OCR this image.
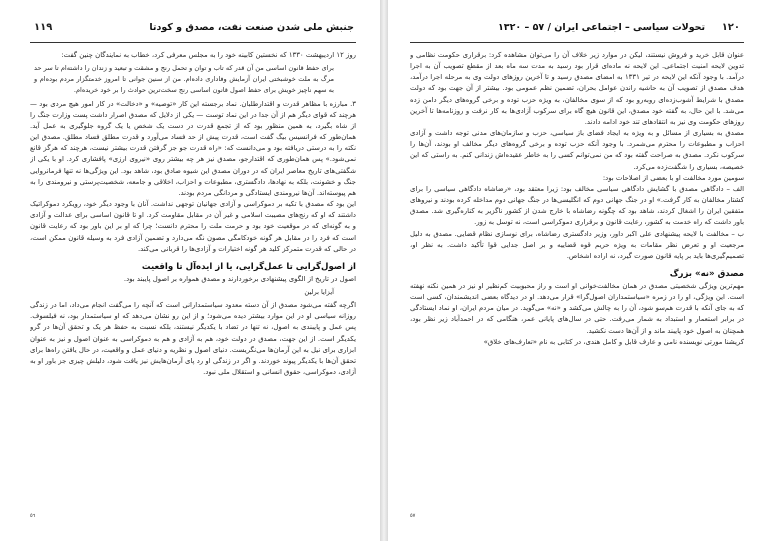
١١٩	جنبش ملی شدن صنعت نفت، مصدق و کودتا

روز ۱۲ اردیبهشت ۱۳۳۰ که نخستین کابینه خود را به مجلس معرفی کرد، خطاب به نمایندگان چنین گفت:

برای حفظ قانون اساسی من آن قدر که تاب و توان و تحمل رنج و مشقت و تبعید و زندان را داشته‌ام تا سر حد مرگ به ملت خوشبختی ایران آزمایش وفاداری داده‌ام. من از سنین جوانی تا امروز خدمتگزار مردم بوده‌ام و به سهم ناچیز خویش برای حفظ اصول قانون اساسی رنج سخت‌ترین حوادث را بر خود خریده‌ام.

۳. مبارزه با مظاهر قدرت و اقتدارطلبان. نماد برجسته این کار «توصیه» و «دخالت» در کار امور هیچ مردی بود — هرچند که قوای دیگر هم از آن جدا در این نماد توست — یکی از دلایل که مصدق اصرار داشت پست وزارت جنگ را از شاه بگیرد، به همین منظور بود که از تجمع قدرت در دست یک شخص یا یک گروه جلوگیری به عمل آید. همان‌طور که فرانسیس بیگ گفت است، قدرت پیش از حد فساد می‌آورد و قدرت مطلق فساد مطلق. مصدق این نکته را به درستی دریافته بود و می‌دانست که: «راه قدرت‌ جو جز گرفتن قدرت بیشتر نیست، هرچند که هرگز قانع نمی‌شود.» پس همان‌طوری که اقتدارجو، مصدق نیز هر چه بیشتر روی «نیروی ارزی» پافشاری کرد. او با یکی از شگفتی‌های تاریخ معاصر ایران که در دوران مصدق این شیوه صادق بود، شاهد بود. این ویژگی‌ها نه تنها فرمانروایی جنگ و خشونت، بلکه به نهادها، دادگستری، مطبوعات و احزاب، اخلاقی و جامعه، شخصیت‌پرستی و نیرومندی را به هم پیوسته‌اند. آن‌ها نیرومندی ایستادگی و مردانگی مردم بودند.

این بود که مصدق با تکیه بر دموکراسی و آزادی جهانیان توجهی نداشت. آنان با وجود دیگر خود، رویکرد دموکراتیک داشتند که او که رنج‌های مصیبت اسلامی و غیر آن در مقابل مقاومت کرد. او تا قانون اساسی برای عدالت و آزادی و به گونه‌ای که در موقعیت خود بود و حرمت ملت را محترم دانست؛ چرا که او بر این باور بود که رعایت قانون است که فرد را در مقابل هر گونه خودکامگی مصون نگه می‌دارد و تضمین آزادی فرد به وسیله قانون ممکن است، در حالی که قدرت متمرکز کلید هر گونه اختیارات و آزادی‌ها را قربانی می‌کند.

از اصول‌گرایی تا عمل‌گرایی، یا از ایده‌آل تا واقعیت

اصول در تاریخ از الگوی پیشنهادی برخوردارند و مصدق همواره بر اصول پایبند بود.

آیزایا برلین

اگرچه گفته می‌شود مصدق از آن دسته معدود سیاستمدارانی است که آنچه را می‌گفت انجام می‌داد، اما در زندگی روزانه سیاسی او در این موارد بیشتر دیده می‌شود؛ و از این رو نشان می‌دهد که او سیاستمدار بود، نه فیلسوف. پس عمل و پایبندی به اصول، نه تنها در تضاد با یکدیگر نیستند، بلکه نسبت به حفظ هر یک و تحقق آن‌ها در گرو یکدیگر است. از این جهت، مصدق در دولت خود، هم به آزادی و هم به دموکراسی به عنوان اصول و نیز به عنوان ابزاری برای نیل به این آرمان‌ها می‌نگریست. دنیای اصول و نظریه و دنیای عمل و واقعیت، در حال یافتن راه‌ها برای تحقق آن‌ها با یکدیگر پیوند خوردند. و اگر در زندگی او رد پای آرمان‌هایش نیز یافت شود، دلیلش چیزی جز باور او به آزادی، دموکراسی، حقوق انسانی و استقلال ملی نبود.

٥٦
١٢٠
تحولات سیاسی – اجتماعی ایران / ۵۷ – ۱۳۲۰

عنوان قابل خرید و فروش نیستند، لیکن در موارد زیر خلاف آن را می‌توان مشاهده کرد: برقراری حکومت نظامی و تدوین لایحه امنیت اجتماعی. این لایحه نه ماده‌ای قرار بود رسید به مدت سه ماه بعد از مقطع تصویب آن به اجرا درآمد. با وجود آنکه این لایحه در تیر ۱۳۳۱ به امضای مصدق رسید و تا آخرین روزهای دولت وی به مرحله اجرا درآمد، هدف مصدق از تصویب آن به حاشیه راندن عوامل بحران، تضمین نظم عمومی بود. بیشتر از آن جهت بود که دولت مصدق با شرایط آشوب‌زده‌ای روبه‌رو بود که از سوی مخالفان، به ویژه حزب توده و برخی گروه‌های دیگر دامن زده می‌شد. با این حال، به گفته خود مصدق، این قانون هیچ گاه برای سرکوب آزادی‌ها به کار نرفت و روزنامه‌ها تا آخرین روزهای حکومت وی نیز به انتقادهای تند خود ادامه دادند.

مصدق به بسیاری از مسائل و به ویژه به ایجاد فضای باز سیاسی، حزب و سازمان‌های مدنی توجه داشت و آزادی احزاب و مطبوعات را محترم می‌شمرد. با وجود آنکه حزب توده و برخی گروه‌های دیگر مخالف او بودند، آن‌ها را سرکوب نکرد. مصدق به صراحت گفته بود که من نمی‌توانم کسی را به خاطر عقیده‌اش زندانی کنم. به راستی که این خصیصه، بسیاری را شگفت‌زده می‌کرد.

سومین مورد مخالفت او با بعضی از اصلاحات بود:

الف – دادگاهی مصدق با گشایش دادگاهی سیاسی مخالف بود: زیرا معتقد بود، «رضاشاه دادگاهی سیاسی را برای کشتار مخالفان به کار گرفت.» او در جنگ جهانی دوم که انگلیسی‌ها در جنگ جهانی دوم مداخله کرده بودند و نیروهای متفقین ایران را اشغال کردند، شاهد بود که چگونه رضاشاه با خارج شدن از کشور ناگزیر به کناره‌گیری شد. مصدق باور داشت که راه خدمت به کشور، رعایت قانون و برقراری دموکراسی است، نه توسل به زور.

ب – مخالفت با لایحه پیشنهادی علی اکبر داور، وزیر دادگستری رضاشاه، برای نوسازی نظام قضایی. مصدق به دلیل مرجعیت او و تعرض نظر مقامات به ویژه حریم قوه قضاییه و بر اصل جدایی قوا تأکید داشت. به نظر او، تصمیم‌گیری‌ها باید بر پایه قانون صورت گیرد، نه اراده اشخاص.

مصدق «نه» بزرگ

مهم‌ترین ویژگی شخصیتی مصدق در همان مخالفت‌خوانی او است و راز محبوبیت کم‌نظیر او نیز در همین نکته نهفته است. این ویژگی، او را در زمره «سیاستمداران اصول‌گرا» قرار می‌دهد. او در دیدگاه بعضی اندیشمندان، کسی است که به جای آنکه با قدرت هم‌سو شود، آن را به چالش می‌کشد و «نه» می‌گوید. در میان مردم ایران، او نماد ایستادگی در برابر استعمار و استبداد به شمار می‌رفت. حتی در سال‌های پایانی عمر، هنگامی که در احمدآباد زیر نظر بود، همچنان به اصول خود پایبند ماند و از آن‌ها دست نکشید.

کریشنا مورتی نویسنده نامی و عارف قابل و کامل هندی، در کتابی به نام «تعارف‌های خلاق»

٥٧
